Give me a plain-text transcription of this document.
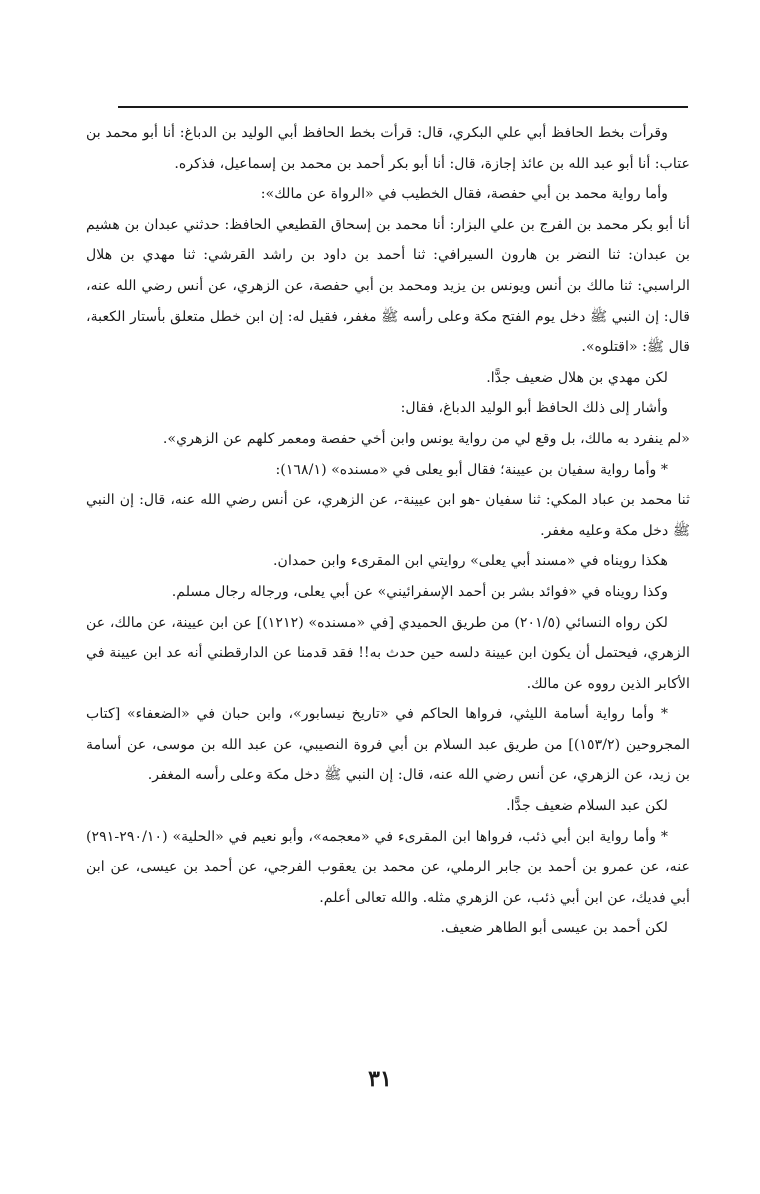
وقرأت بخط الحافظ أبي علي البكري، قال: قرأت بخط الحافظ أبي الوليد بن الدباغ: أنا أبو محمد بن عتاب: أنا أبو عبد الله بن عائذ إجازة، قال: أنا أبو بكر أحمد بن محمد بن إسماعيل، فذكره.

وأما رواية محمد بن أبي حفصة، فقال الخطيب في «الرواة عن مالك»:

أنا أبو بكر محمد بن الفرج بن علي البزار: أنا محمد بن إسحاق القطيعي الحافظ: حدثني عبدان بن هشيم بن عبدان: ثنا النضر بن هارون السيرافي: ثنا أحمد بن داود بن راشد القرشي: ثنا مهدي بن هلال الراسبي: ثنا مالك بن أنس ويونس بن يزيد ومحمد بن أبي حفصة، عن الزهري، عن أنس رضي الله عنه، قال: إن النبي ﷺ دخل يوم الفتح مكة وعلى رأسه ﷺ مغفر، فقيل له: إن ابن خطل متعلق بأستار الكعبة، قال ﷺ: «اقتلوه».

لكن مهدي بن هلال ضعيف جدًّا.

وأشار إلى ذلك الحافظ أبو الوليد الدباغ، فقال:

«لم ينفرد به مالك، بل وقع لي من رواية يونس وابن أخي حفصة ومعمر كلهم عن الزهري».

* وأما رواية سفيان بن عيينة؛ فقال أبو يعلى في «مسنده» (١٦٨/١):

ثنا محمد بن عباد المكي: ثنا سفيان -هو ابن عيينة-، عن الزهري، عن أنس رضي الله عنه، قال: إن النبي ﷺ دخل مكة وعليه مغفر.

هكذا رويناه في «مسند أبي يعلى» روايتي ابن المقرىء وابن حمدان.

وكذا رويناه في «فوائد بشر بن أحمد الإسفرائيني» عن أبي يعلى، ورجاله رجال مسلم.

لكن رواه النسائي (٢٠١/٥) من طريق الحميدي [في «مسنده» (١٢١٢)] عن ابن عيينة، عن مالك، عن الزهري، فيحتمل أن يكون ابن عيينة دلسه حين حدث به!! فقد قدمنا عن الدارقطني أنه عد ابن عيينة في الأكابر الذين رووه عن مالك.

* وأما رواية أسامة الليثي، فرواها الحاكم في «تاريخ نيسابور»، وابن حبان في «الضعفاء» [كتاب المجروحين (١٥٣/٢)] من طريق عبد السلام بن أبي فروة النصيبي، عن عبد الله بن موسى، عن أسامة بن زيد، عن الزهري، عن أنس رضي الله عنه، قال: إن النبي ﷺ دخل مكة وعلى رأسه المغفر.

لكن عبد السلام ضعيف جدًّا.

* وأما رواية ابن أبي ذئب، فرواها ابن المقرىء في «معجمه»، وأبو نعيم في «الحلية» (٢٩٠/١٠-٢٩١) عنه، عن عمرو بن أحمد بن جابر الرملي، عن محمد بن يعقوب الفرجي، عن أحمد بن عيسى، عن ابن أبي فديك، عن ابن أبي ذئب، عن الزهري مثله. والله تعالى أعلم.

لكن أحمد بن عيسى أبو الطاهر ضعيف.

٣١
